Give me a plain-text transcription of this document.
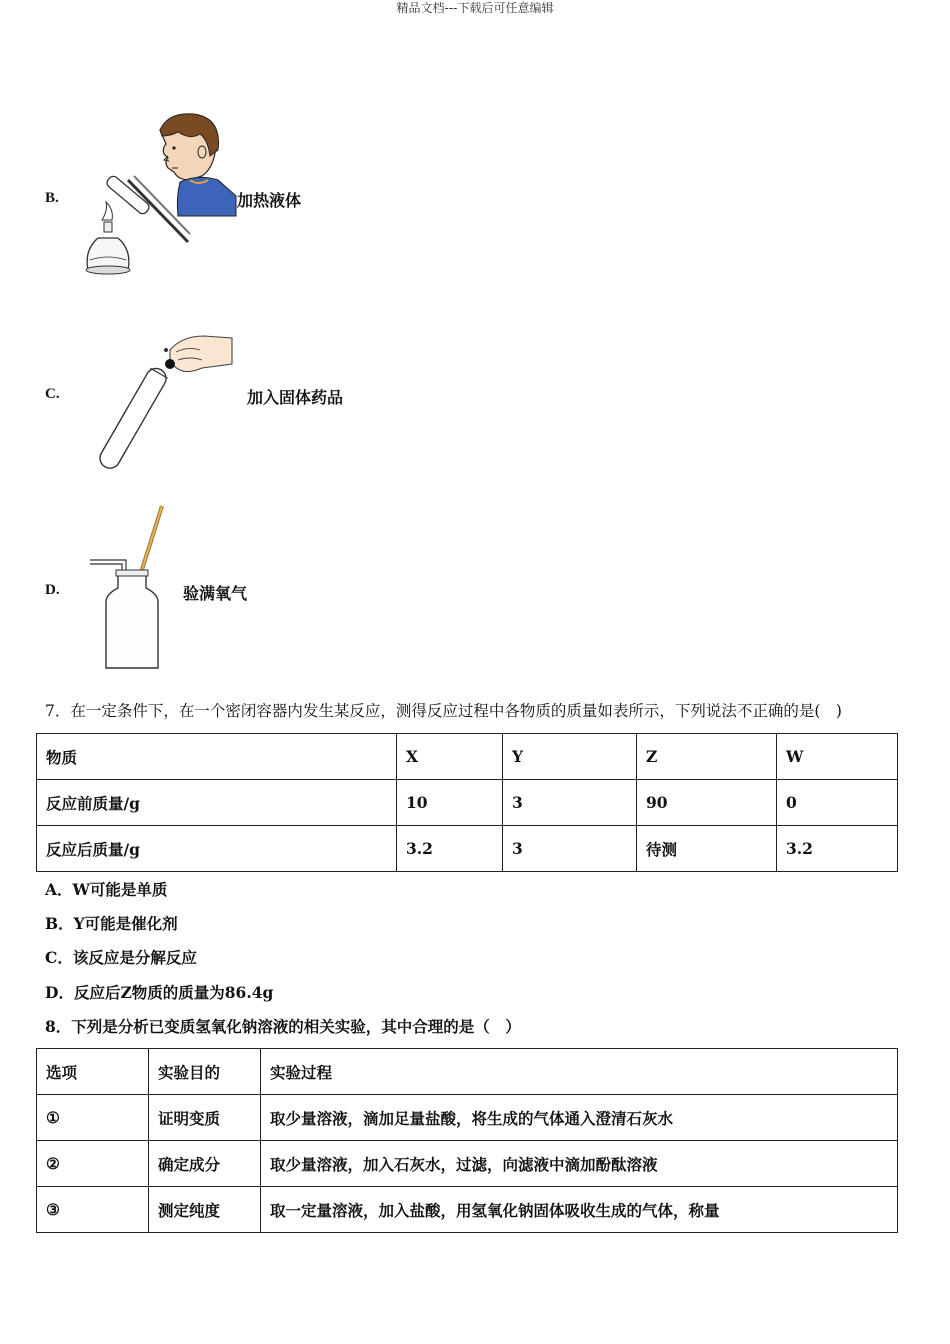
精品文档---下载后可任意编辑
B.	加热液体
C.	加入固体药品
D.	验满氧气
7．在一定条件下，在一个密闭容器内发生某反应，测得反应过程中各物质的质量如表所示，下列说法不正确的是(　)
物质	X	Y	Z	W
反应前质量/g	10	3	90	0
反应后质量/g	3.2	3	待测	3.2
A．W可能是单质
B．Y可能是催化剂
C．该反应是分解反应
D．反应后Z物质的质量为86.4g
8．下列是分析已变质氢氧化钠溶液的相关实验，其中合理的是（　）
选项	实验目的	实验过程
①	证明变质	取少量溶液，滴加足量盐酸，将生成的气体通入澄清石灰水
②	确定成分	取少量溶液，加入石灰水，过滤，向滤液中滴加酚酞溶液
③	测定纯度	取一定量溶液，加入盐酸，用氢氧化钠固体吸收生成的气体，称量
